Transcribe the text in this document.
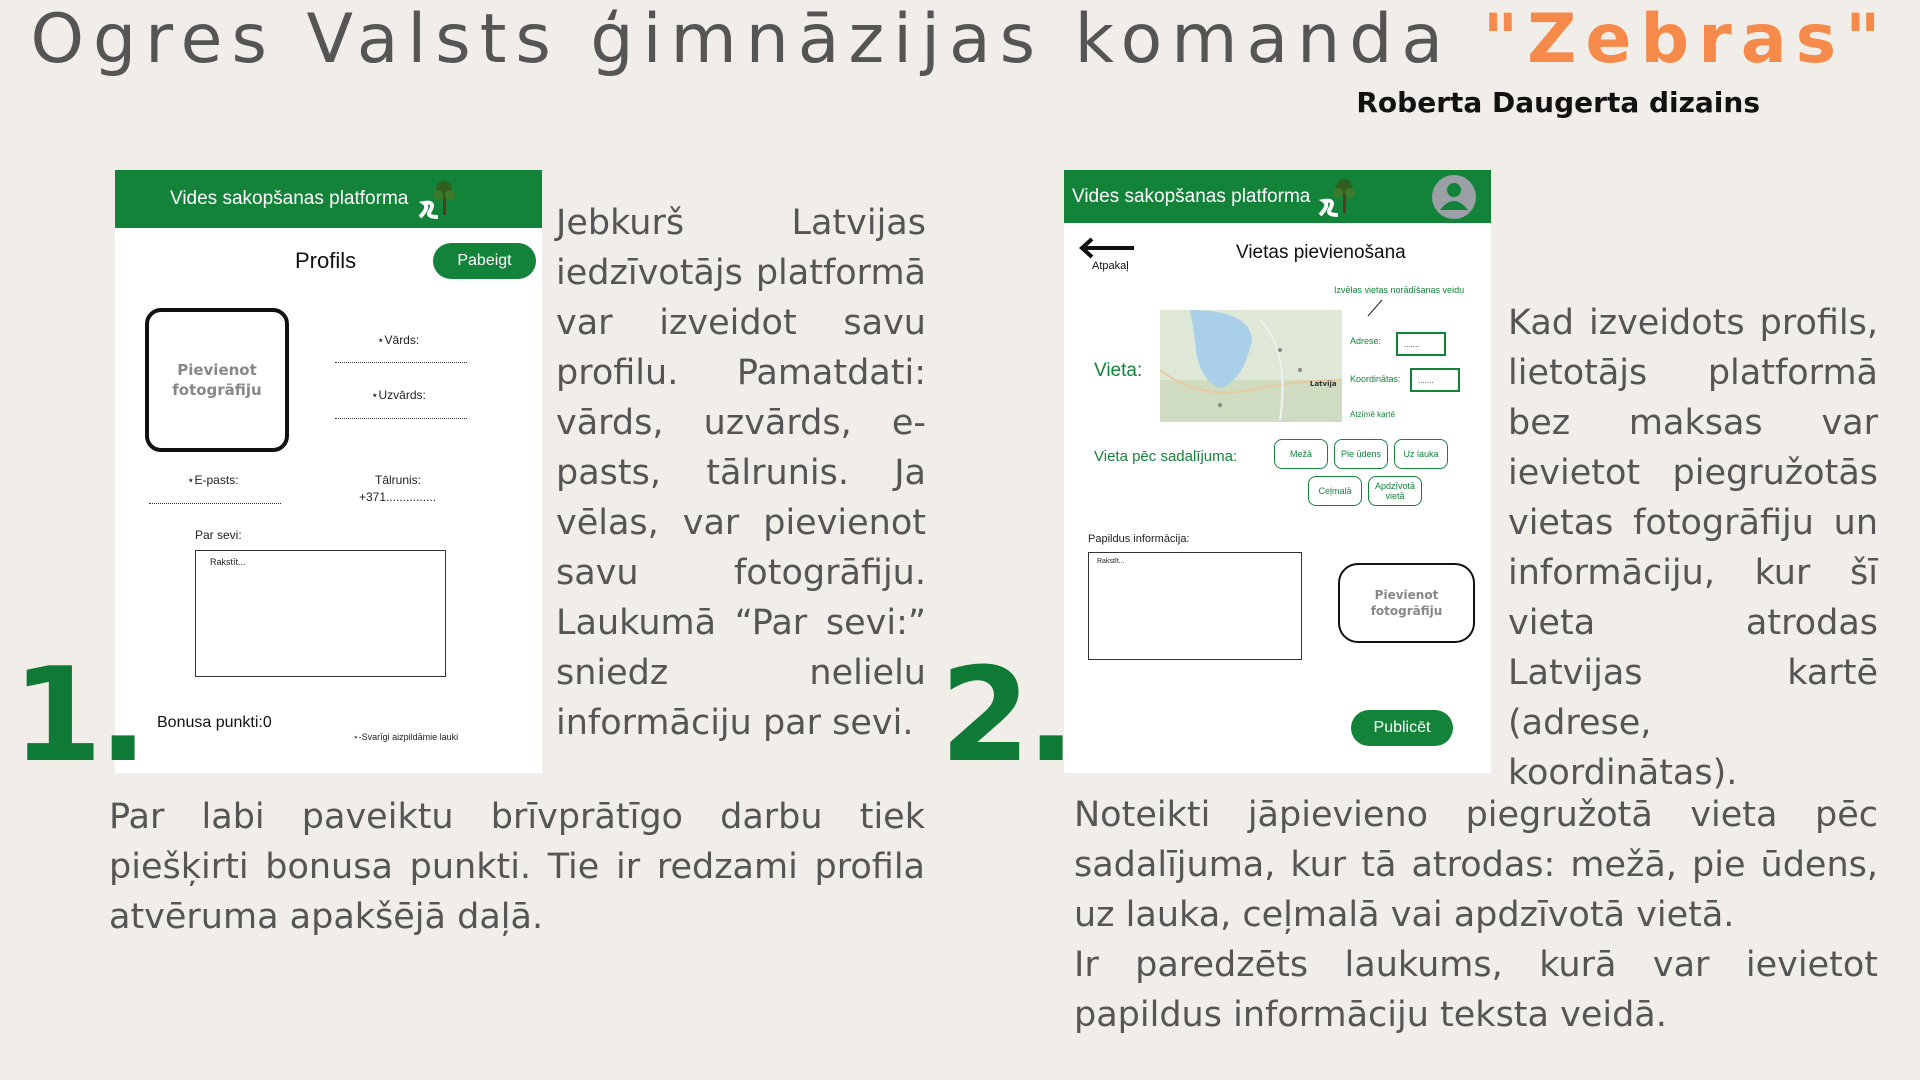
Ogres Valsts ģimnāzijas komanda "Zebras"
Roberta Daugerta dizains
Vides sakopšanas platforma
Profils	Pabeigt
Pievienot fotogrāfiju
⋆Vārds:
⋆Uzvārds:
⋆E-pasts:	Tālrunis:
+371...............
Par sevi:
Rakstīt...
Bonusa punkti:0
⋆-Svarīgi aizpildāmie lauki
1.
Jebkurš Latvijas iedzīvotājs platformā var izveidot savu profilu. Pamatdati: vārds, uzvārds, e-pasts, tālrunis. Ja vēlas, var pievienot savu fotogrāfiju. Laukumā “Par sevi:” sniedz nelielu informāciju par sevi.
Par labi paveiktu brīvprātīgo darbu tiek piešķirti bonusa punkti. Tie ir redzami profila atvēruma apakšējā daļā.
Vides sakopšanas platforma
Atpakaļ
Vietas pievienošana
Izvēlas vietas norādīšanas veidu
Vieta:
Latvija
Adrese:	.......
Koordinātas:	.......
Atzīmē kartē
Vieta pēc sadalījuma:	Mežā	Pie ūdens	Uz lauka
Ceļmalā	Apdzīvotā vietā
Papildus informācija:
Rakstīt...
Pievienot fotogrāfiju
Publicēt
2.
Kad izveidots profils, lietotājs platformā bez maksas var ievietot piegružotās vietas fotogrāfiju un informāciju, kur šī vieta atrodas Latvijas kartē (adrese, koordinātas).
Noteikti jāpievieno piegružotā vieta pēc sadalījuma, kur tā atrodas: mežā, pie ūdens, uz lauka, ceļmalā vai apdzīvotā vietā.
Ir paredzēts laukums, kurā var ievietot papildus informāciju teksta veidā.
